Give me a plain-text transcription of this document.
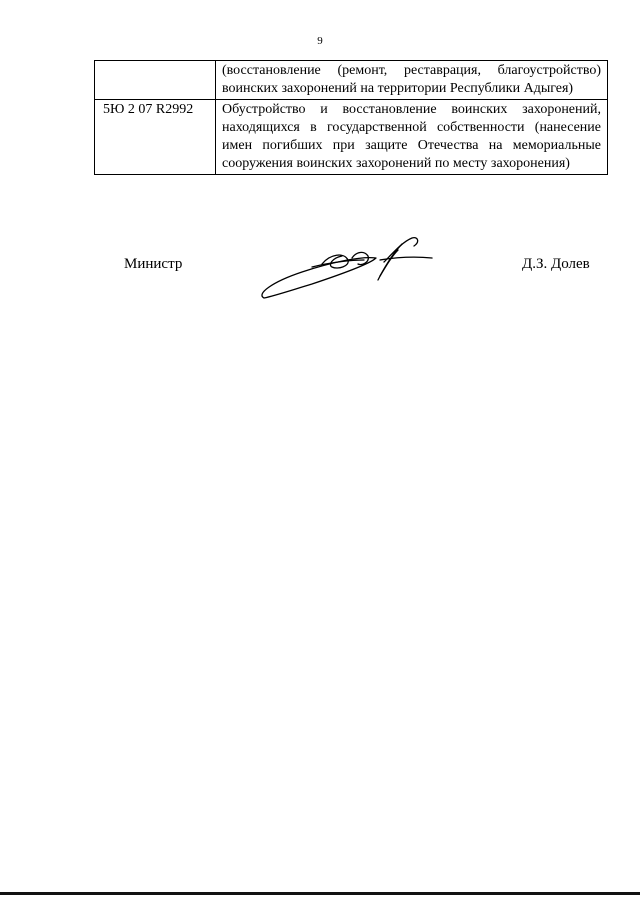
9
	(восстановление (ремонт, реставрация, благоустройство) воинских захоронений на территории Республики Адыгея)
5Ю 2 07 R2992	Обустройство и восстановление воинских захоронений, находящихся в государственной собственности (нанесение имен погибших при защите Отечества на мемориальные сооружения воинских захоронений по месту захоронения)
Министр	Д.З. Долев
